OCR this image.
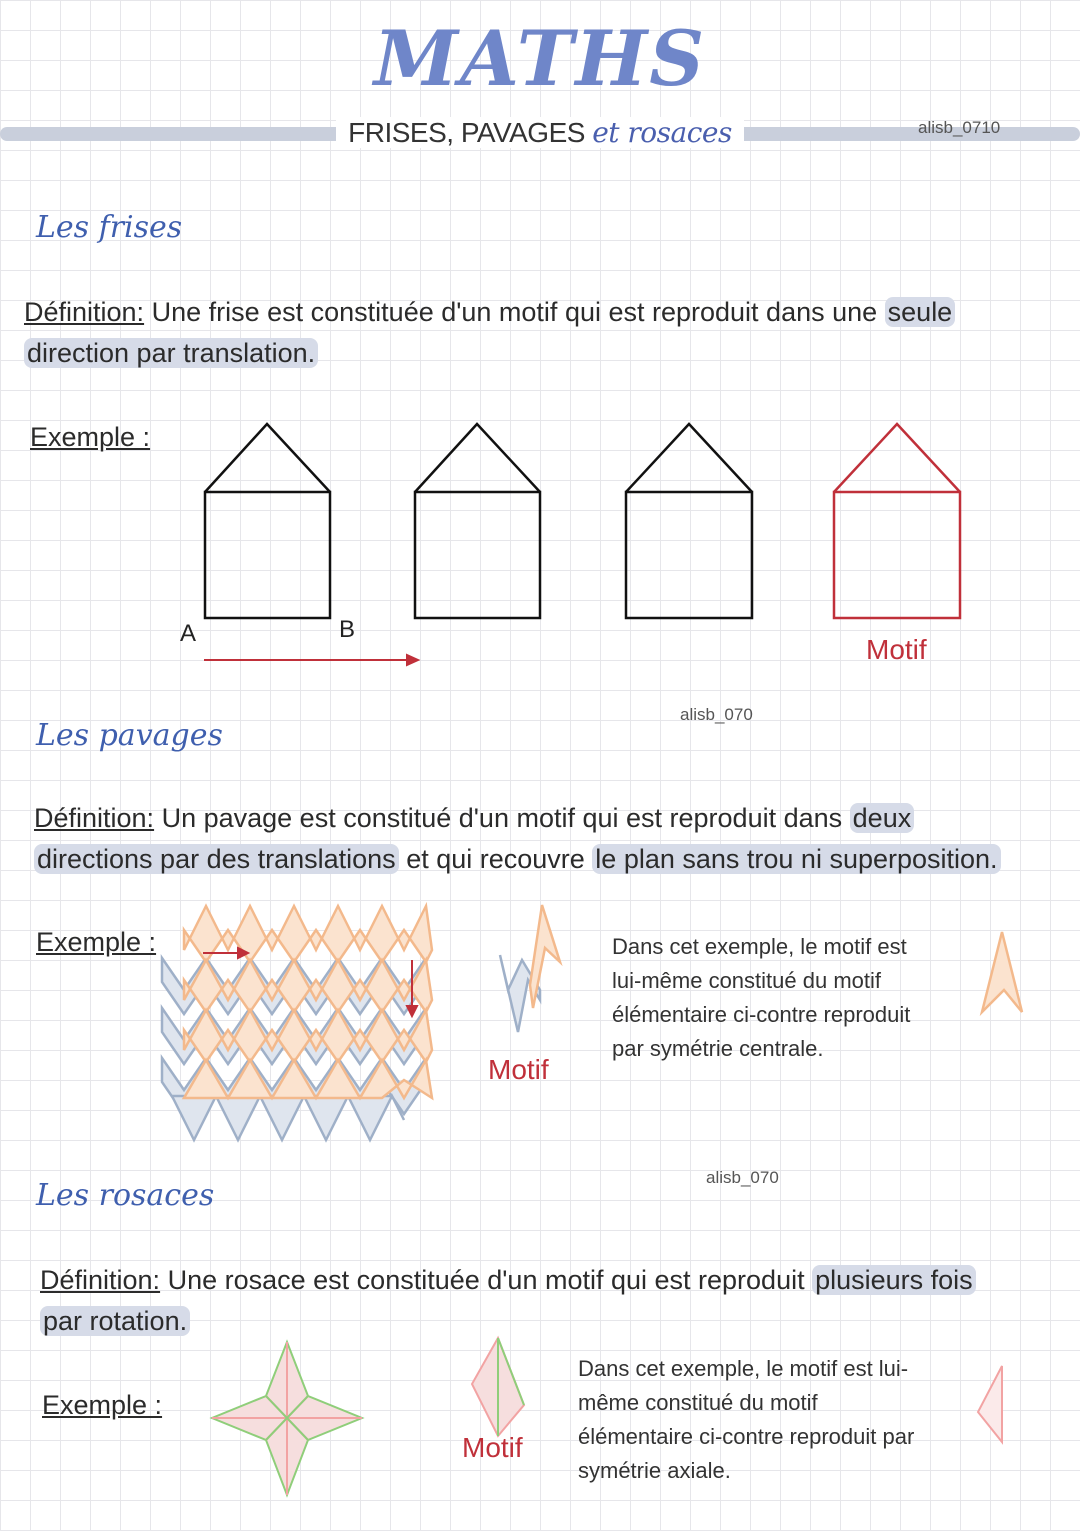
MATHS
FRISES, PAVAGES et rosaces	alisb_0710
Les frises
Définition: Une frise est constituée d'un motif qui est reproduit dans une seule
direction par translation.
Exemple :
A	B
Motif
alisb_070
Les pavages
Définition: Un pavage est constitué d'un motif qui est reproduit dans deux
directions par des translations et qui recouvre le plan sans trou ni superposition.
Exemple :
Motif
Dans cet exemple, le motif est
lui-même constitué du motif
élémentaire ci-contre reproduit
par symétrie centrale.
alisb_070
Les rosaces
Définition: Une rosace est constituée d'un motif qui est reproduit plusieurs fois
par rotation.
Exemple :
Motif
Dans cet exemple, le motif est lui-
même constitué du motif
élémentaire ci-contre reproduit par
symétrie axiale.
